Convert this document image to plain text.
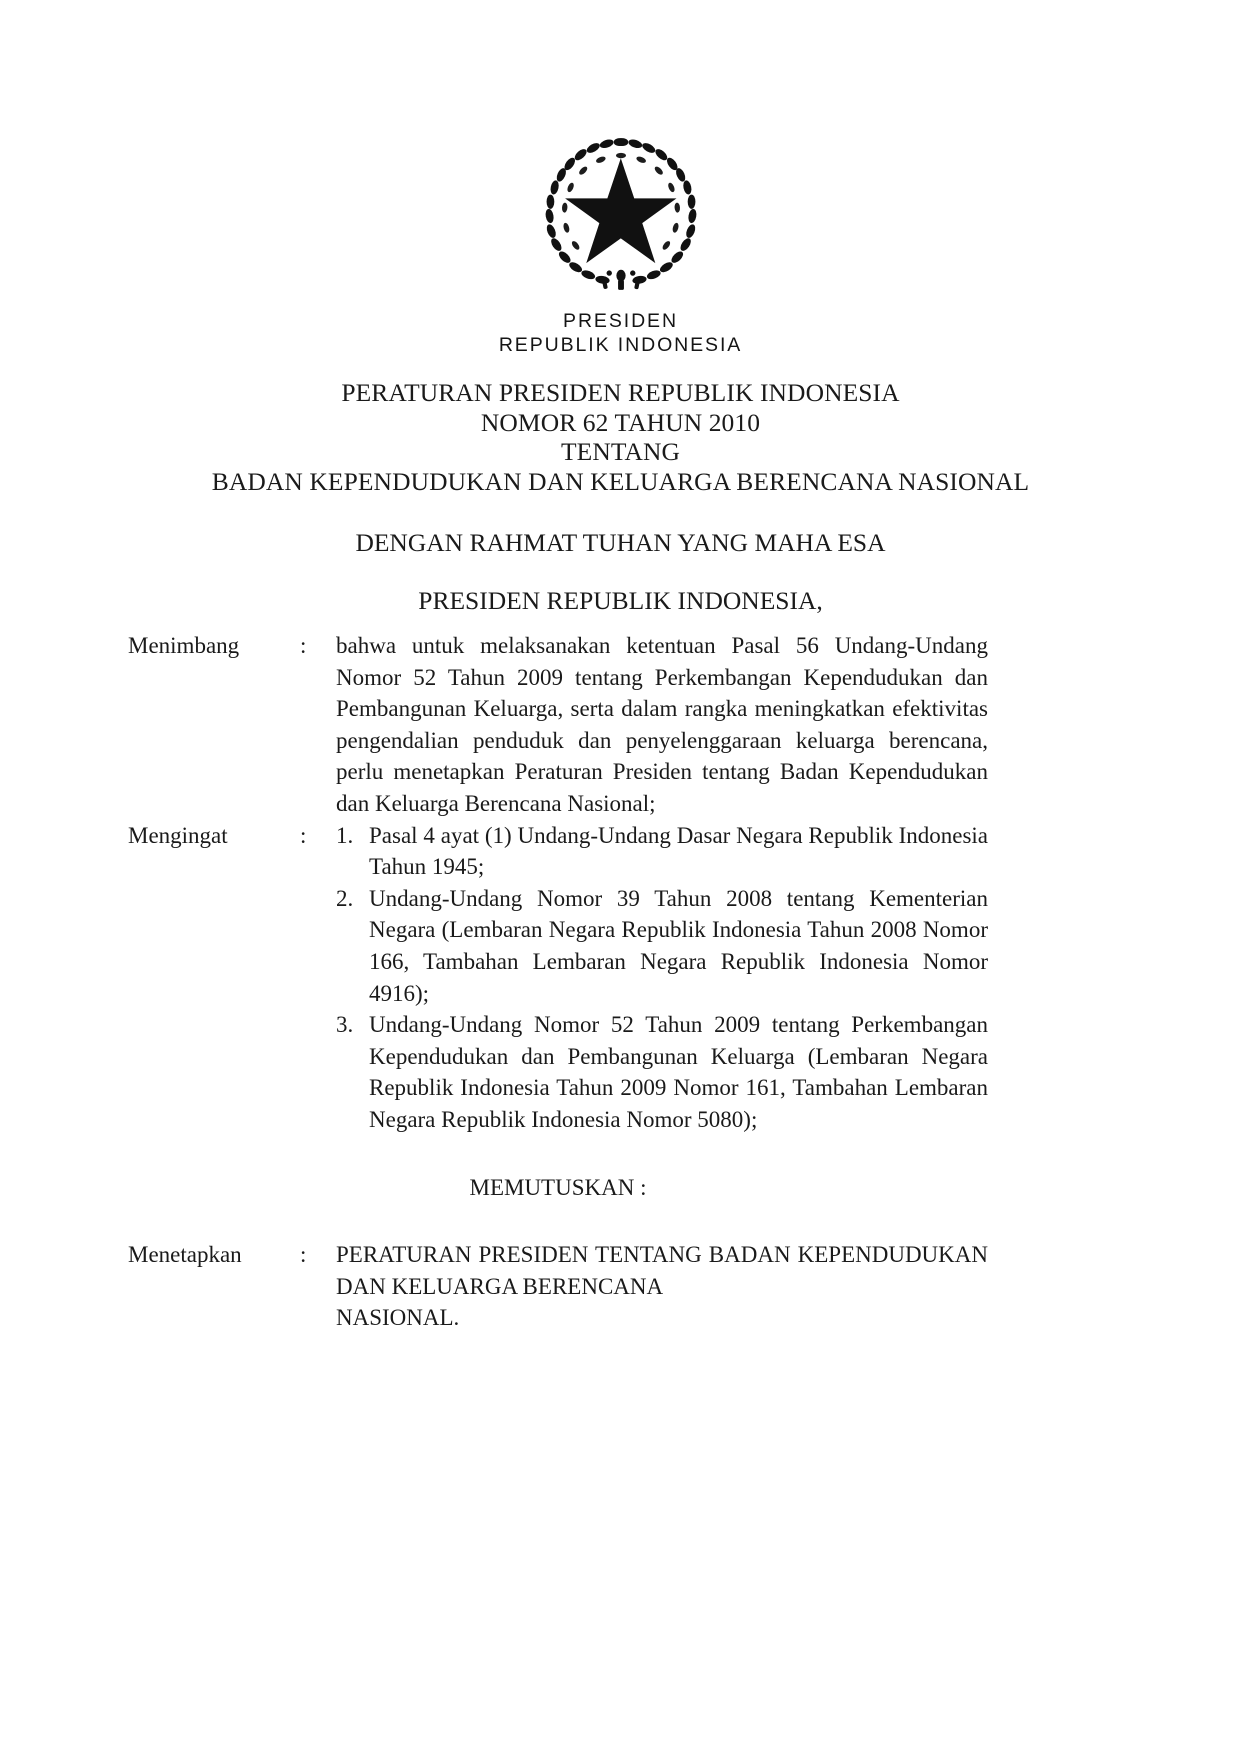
PRESIDEN
REPUBLIK INDONESIA
PERATURAN PRESIDEN REPUBLIK INDONESIA
NOMOR 62 TAHUN 2010
TENTANG
BADAN KEPENDUDUKAN DAN KELUARGA BERENCANA NASIONAL
DENGAN RAHMAT TUHAN YANG MAHA ESA
PRESIDEN REPUBLIK INDONESIA,
Menimbang	:	bahwa untuk melaksanakan ketentuan Pasal 56 Undang-Undang Nomor 52 Tahun 2009 tentang Perkembangan Kependudukan dan Pembangunan Keluarga, serta dalam rangka meningkatkan efektivitas pengendalian penduduk dan penyelenggaraan keluarga berencana, perlu menetapkan Peraturan Presiden tentang Badan Kependudukan dan Keluarga Berencana Nasional;

Mengingat	:	1. Pasal 4 ayat (1) Undang-Undang Dasar Negara Republik Indonesia Tahun 1945;
2. Undang-Undang Nomor 39 Tahun 2008 tentang Kementerian Negara (Lembaran Negara Republik Indonesia Tahun 2008 Nomor 166, Tambahan Lembaran Negara Republik Indonesia Nomor 4916);
3. Undang-Undang Nomor 52 Tahun 2009 tentang Perkembangan Kependudukan dan Pembangunan Keluarga (Lembaran Negara Republik Indonesia Tahun 2009 Nomor 161, Tambahan Lembaran Negara Republik Indonesia Nomor 5080);
MEMUTUSKAN :
Menetapkan	:	PERATURAN PRESIDEN TENTANG BADAN KEPENDUDUKAN DAN KELUARGA BERENCANA

NASIONAL.
